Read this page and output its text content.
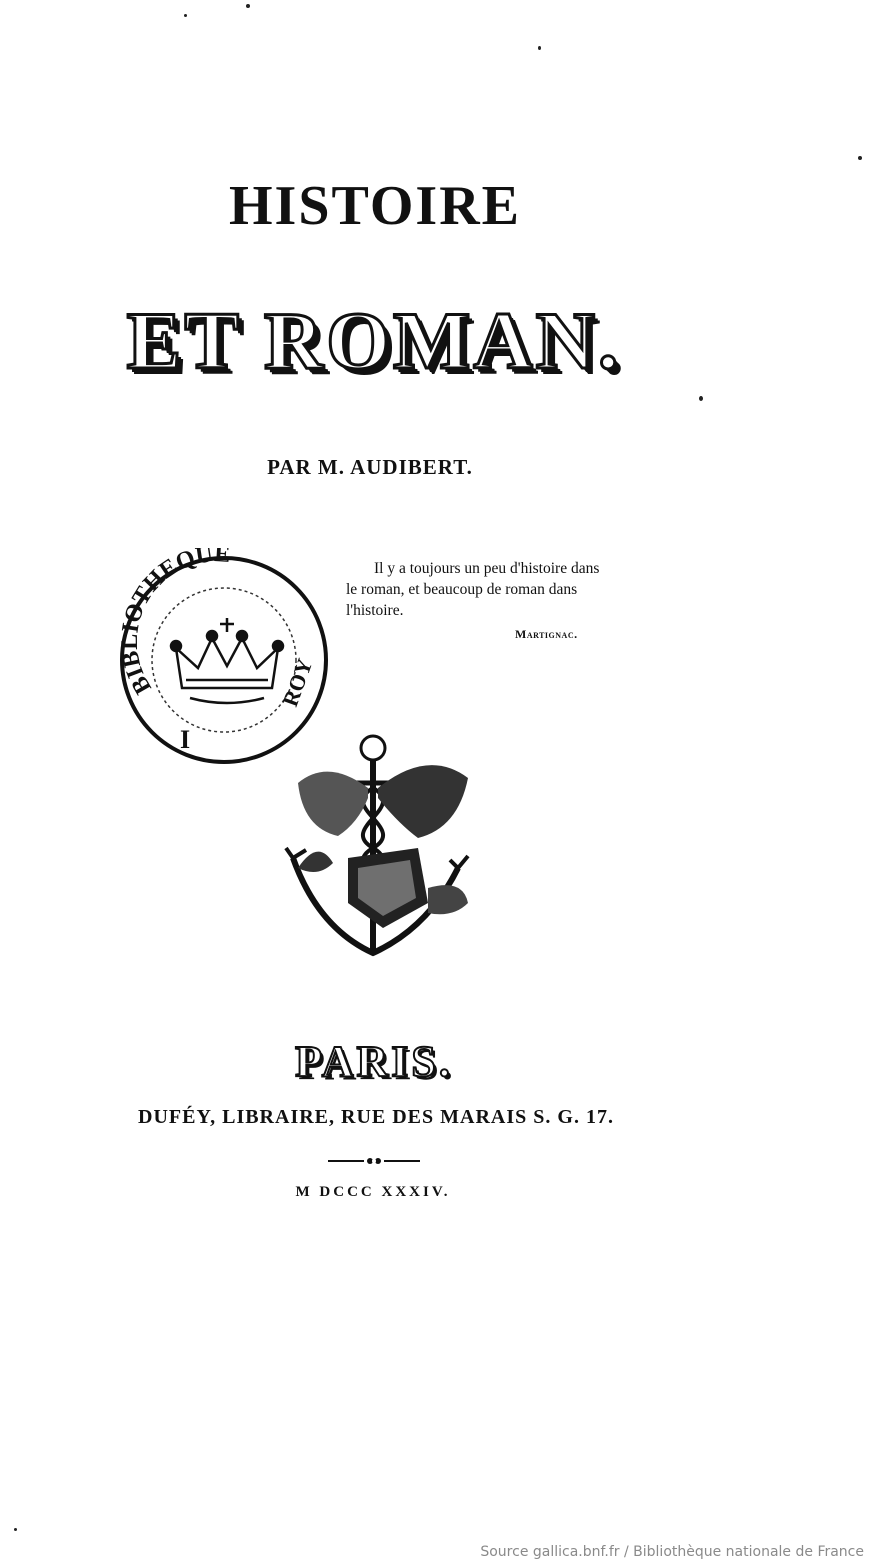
HISTOIRE
ET ROMAN.
PAR M. AUDIBERT.
BIBLIOTHEQUE
ROY
I
Il y a toujours un peu d'histoire dans
le roman, et beaucoup de roman dans
l'histoire.
Martignac.
PARIS.
DUFÉY, LIBRAIRE, RUE DES MARAIS S. G. 17.
M DCCC XXXIV.
Source gallica.bnf.fr / Bibliothèque nationale de France
